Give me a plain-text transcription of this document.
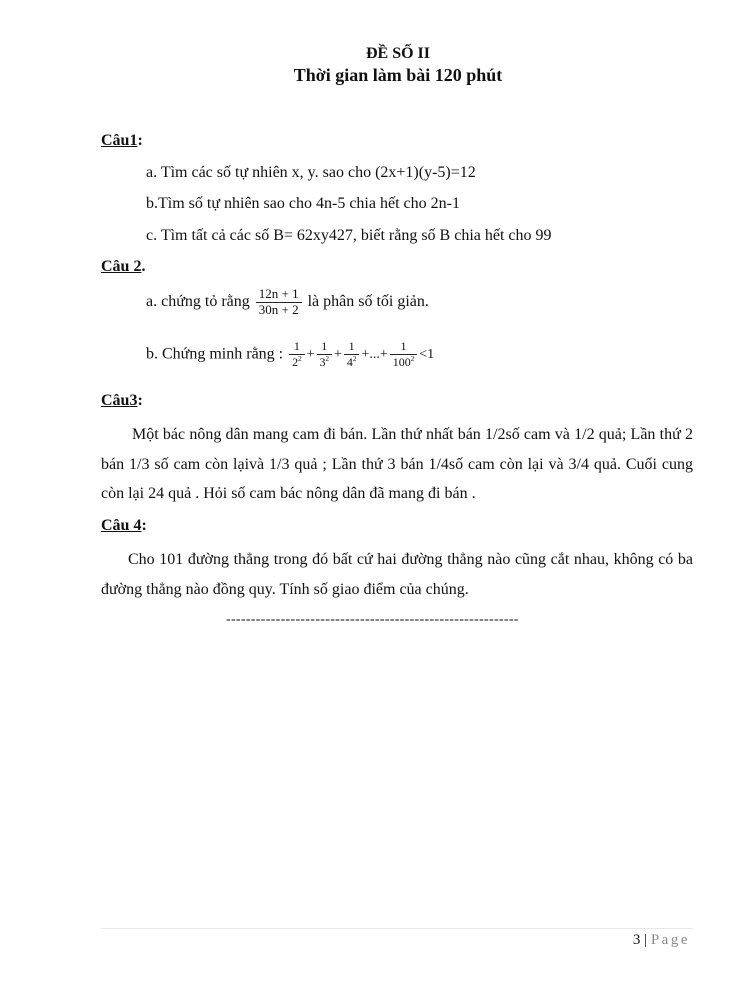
ĐỀ SỐ II
Thời gian làm bài 120 phút
Câu1:
a. Tìm các số tự nhiên x, y. sao cho (2x+1)(y-5)=12
b.Tìm số tự nhiên sao cho 4n-5 chia hết cho 2n-1
c. Tìm tất cả các số B= 62xy427, biết rằng số B chia hết cho 99
Câu 2.
a. chứng tỏ rằng $\frac{12n + 1}{30n + 2}$ là phân số tối giản.
b. Chứng minh rằng : $\frac{1}{2^2} + \frac{1}{3^2} + \frac{1}{4^2}$ +...+ $\frac{1}{100^2} <1$
Câu3:
Một bác nông dân mang cam đi bán. Lần thứ nhất bán 1/2số cam và 1/2 quả; Lần thứ 2 bán 1/3 số cam còn lạivà 1/3 quả ; Lần thứ 3 bán 1/4số cam còn lại và 3/4 quả. Cuối cung còn lại 24 quả . Hỏi số cam bác nông dân đã mang đi bán .
Câu 4:
Cho 101 đường thẳng trong đó bất cứ hai đường thẳng nào cũng cắt nhau, không có ba đường thẳng nào đồng quy. Tính số giao điểm của chúng.
-----------------------------------------------------------
3 | Page
